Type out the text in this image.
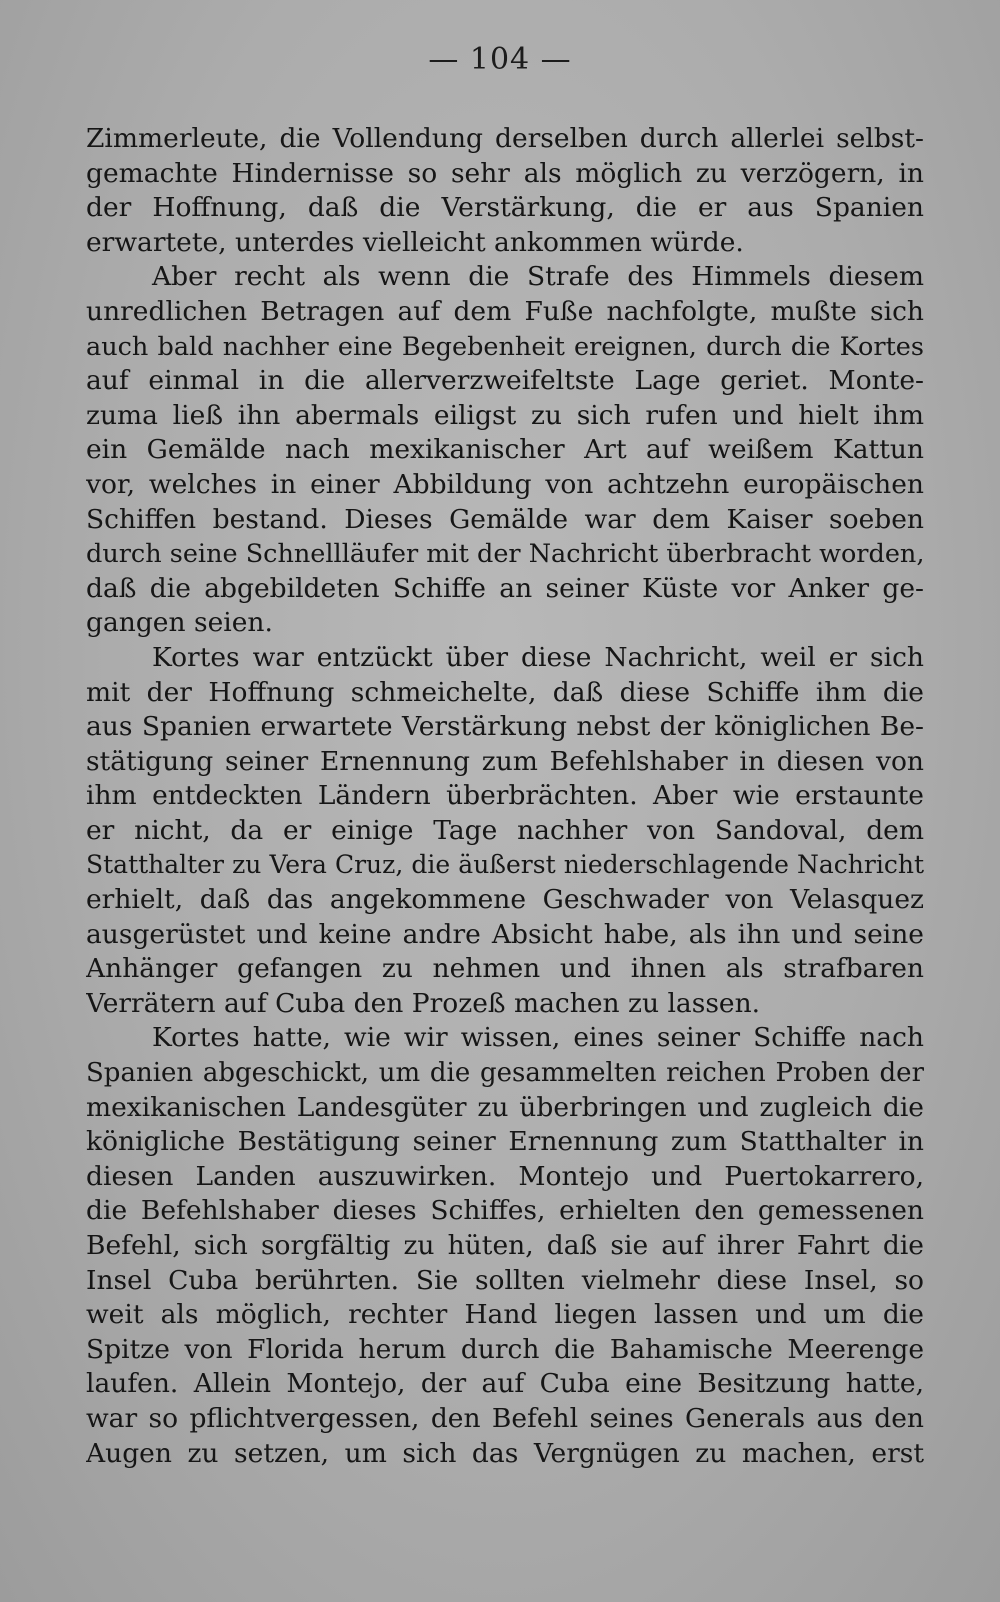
— 104 —
Zimmerleute, die Vollendung derselben durch allerlei selbst-
gemachte Hindernisse so sehr als möglich zu verzögern, in
der Hoffnung, daß die Verstärkung, die er aus Spanien
erwartete, unterdes vielleicht ankommen würde.
Aber recht als wenn die Strafe des Himmels diesem
unredlichen Betragen auf dem Fuße nachfolgte, mußte sich
auch bald nachher eine Begebenheit ereignen, durch die Kortes
auf einmal in die allerverzweifeltste Lage geriet. Monte-
zuma ließ ihn abermals eiligst zu sich rufen und hielt ihm
ein Gemälde nach mexikanischer Art auf weißem Kattun
vor, welches in einer Abbildung von achtzehn europäischen
Schiffen bestand. Dieses Gemälde war dem Kaiser soeben
durch seine Schnellläufer mit der Nachricht überbracht worden,
daß die abgebildeten Schiffe an seiner Küste vor Anker ge-
gangen seien.
Kortes war entzückt über diese Nachricht, weil er sich
mit der Hoffnung schmeichelte, daß diese Schiffe ihm die
aus Spanien erwartete Verstärkung nebst der königlichen Be-
stätigung seiner Ernennung zum Befehlshaber in diesen von
ihm entdeckten Ländern überbrächten. Aber wie erstaunte
er nicht, da er einige Tage nachher von Sandoval, dem
Statthalter zu Vera Cruz, die äußerst niederschlagende Nachricht
erhielt, daß das angekommene Geschwader von Velasquez
ausgerüstet und keine andre Absicht habe, als ihn und seine
Anhänger gefangen zu nehmen und ihnen als strafbaren
Verrätern auf Cuba den Prozeß machen zu lassen.
Kortes hatte, wie wir wissen, eines seiner Schiffe nach
Spanien abgeschickt, um die gesammelten reichen Proben der
mexikanischen Landesgüter zu überbringen und zugleich die
königliche Bestätigung seiner Ernennung zum Statthalter in
diesen Landen auszuwirken. Montejo und Puertokarrero,
die Befehlshaber dieses Schiffes, erhielten den gemessenen
Befehl, sich sorgfältig zu hüten, daß sie auf ihrer Fahrt die
Insel Cuba berührten. Sie sollten vielmehr diese Insel, so
weit als möglich, rechter Hand liegen lassen und um die
Spitze von Florida herum durch die Bahamische Meerenge
laufen. Allein Montejo, der auf Cuba eine Besitzung hatte,
war so pflichtvergessen, den Befehl seines Generals aus den
Augen zu setzen, um sich das Vergnügen zu machen, erst
